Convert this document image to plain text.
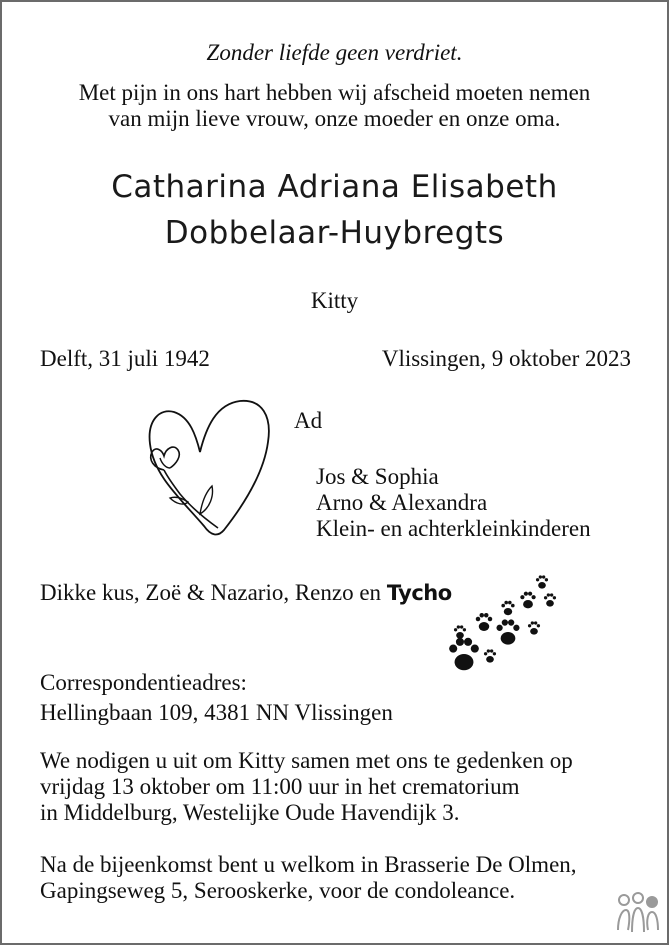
Zonder liefde geen verdriet.
Met pijn in ons hart hebben wij afscheid moeten nemen
van mijn lieve vrouw, onze moeder en onze oma.
Catharina Adriana Elisabeth
Dobbelaar-Huybregts
Kitty
Delft, 31 juli 1942	Vlissingen, 9 oktober 2023
Ad
Jos & Sophia
Arno & Alexandra
Klein- en achterkleinkinderen
Dikke kus, Zoë & Nazario, Renzo en Tycho
Correspondentieadres:
Hellingbaan 109, 4381 NN Vlissingen
We nodigen u uit om Kitty samen met ons te gedenken op
vrijdag 13 oktober om 11:00 uur in het crematorium
in Middelburg, Westelijke Oude Havendijk 3.
Na de bijeenkomst bent u welkom in Brasserie De Olmen,
Gapingseweg 5, Serooskerke, voor de condoleance.
